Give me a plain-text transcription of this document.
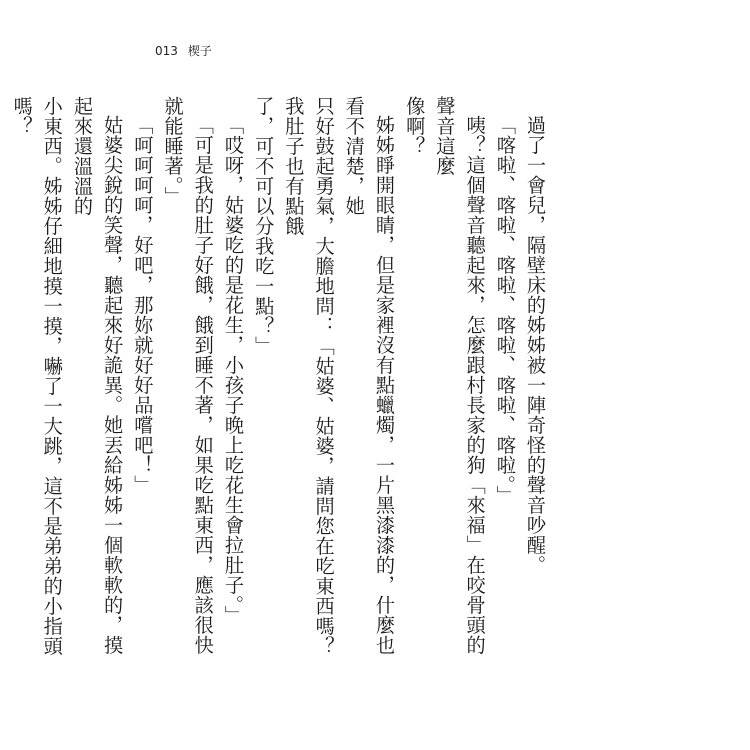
013 楔子

過了一會兒，隔壁床的姊姊被一陣奇怪的聲音吵醒。

「喀啦、喀啦、喀啦、喀啦、喀啦、喀啦。」

咦？這個聲音聽起來，怎麼跟村長家的狗「來福」在咬骨頭的聲音這麼

像啊？

姊姊睜開眼睛，但是家裡沒有點蠟燭，一片黑漆漆的，什麼也看不清楚，她

只好鼓起勇氣，大膽地問：「姑婆、姑婆，請問您在吃東西嗎？我肚子也有點餓

了，可不可以分我吃一點？」

「哎呀，姑婆吃的是花生，小孩子晚上吃花生會拉肚子。」

「可是我的肚子好餓，餓到睡不著，如果吃點東西，應該很快就能睡著。」

「呵呵呵呵，好吧，那妳就好好品嚐吧！」

姑婆尖銳的笑聲，聽起來好詭異。她丟給姊姊一個軟軟的，摸起來還溫溫的

小東西。姊姊仔細地摸一摸，嚇了一大跳，這不是弟弟的小指頭嗎？
